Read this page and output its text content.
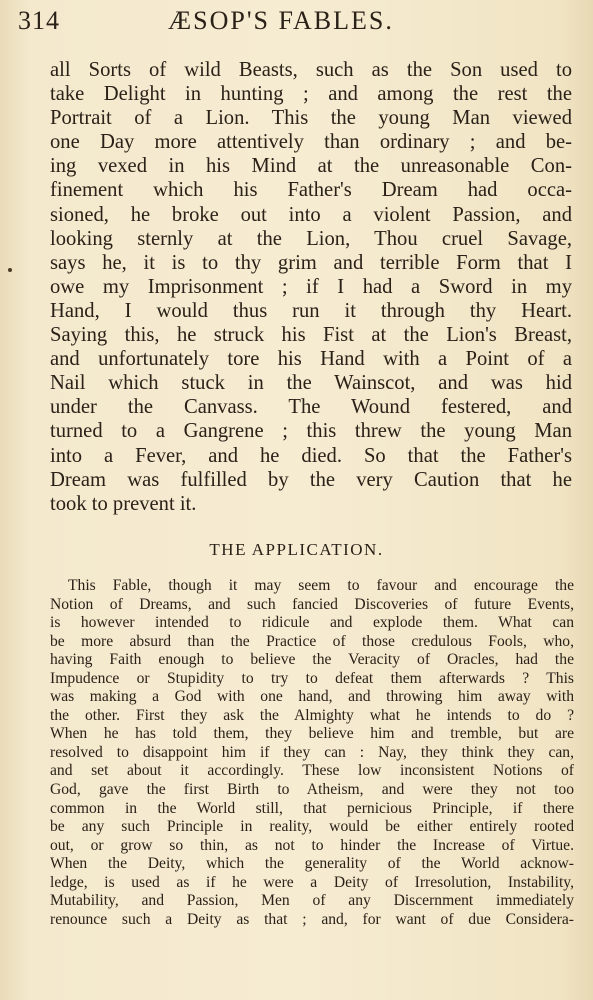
314	ÆSOP'S FABLES.
all Sorts of wild Beasts, such as the Son used to
take Delight in hunting ; and among the rest the
Portrait of a Lion. This the young Man viewed
one Day more attentively than ordinary ; and be-
ing vexed in his Mind at the unreasonable Con-
finement which his Father's Dream had occa-
sioned, he broke out into a violent Passion, and
looking sternly at the Lion, Thou cruel Savage,
says he, it is to thy grim and terrible Form that I
owe my Imprisonment ; if I had a Sword in my
Hand, I would thus run it through thy Heart.
Saying this, he struck his Fist at the Lion's Breast,
and unfortunately tore his Hand with a Point of a
Nail which stuck in the Wainscot, and was hid
under the Canvass. The Wound festered, and
turned to a Gangrene ; this threw the young Man
into a Fever, and he died. So that the Father's
Dream was fulfilled by the very Caution that he
took to prevent it.
THE APPLICATION.
This Fable, though it may seem to favour and encourage the
Notion of Dreams, and such fancied Discoveries of future Events,
is however intended to ridicule and explode them. What can
be more absurd than the Practice of those credulous Fools, who,
having Faith enough to believe the Veracity of Oracles, had the
Impudence or Stupidity to try to defeat them afterwards ? This
was making a God with one hand, and throwing him away with
the other. First they ask the Almighty what he intends to do ?
When he has told them, they believe him and tremble, but are
resolved to disappoint him if they can : Nay, they think they can,
and set about it accordingly. These low inconsistent Notions of
God, gave the first Birth to Atheism, and were they not too
common in the World still, that pernicious Principle, if there
be any such Principle in reality, would be either entirely rooted
out, or grow so thin, as not to hinder the Increase of Virtue.
When the Deity, which the generality of the World acknow-
ledge, is used as if he were a Deity of Irresolution, Instability,
Mutability, and Passion, Men of any Discernment immediately
renounce such a Deity as that ; and, for want of due Considera-
